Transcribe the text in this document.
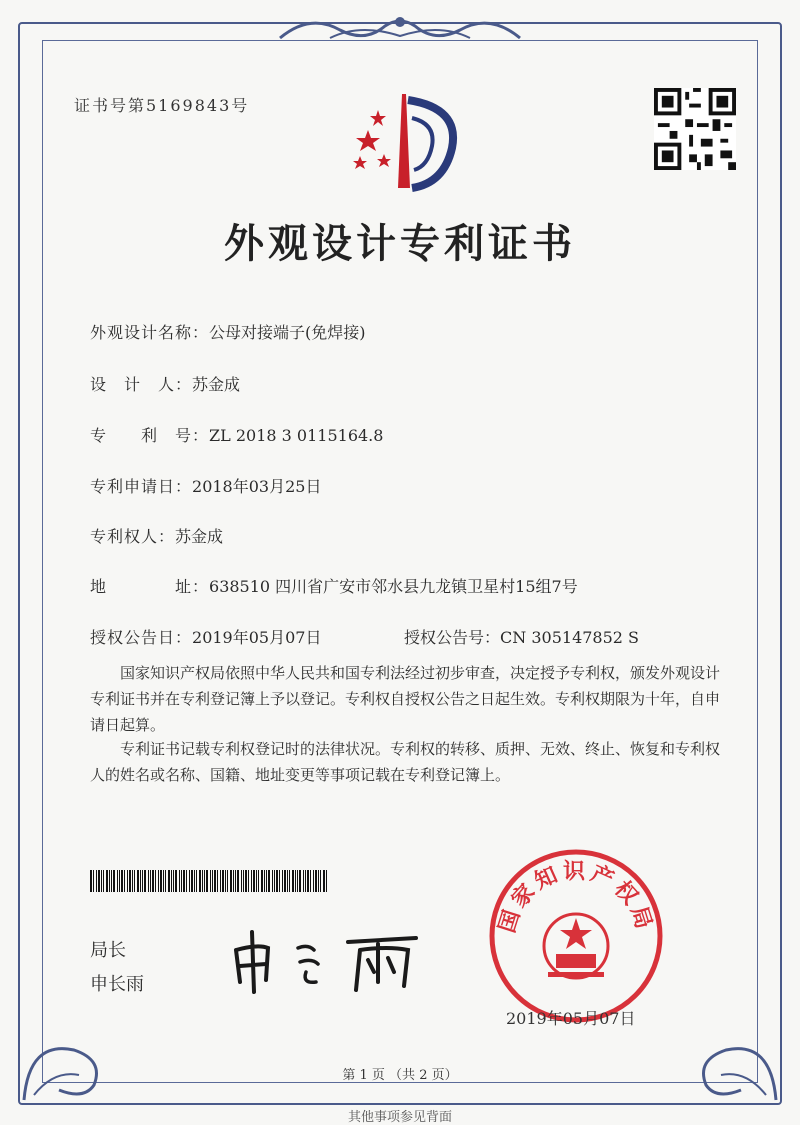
证书号第5169843号
外观设计专利证书
外观设计名称：公母对接端子(免焊接)
设　计　人：苏金成
专　　利　号：ZL 2018 3 0115164.8
专利申请日：2018年03月25日
专利权人：苏金成
地　　　　址：638510 四川省广安市邻水县九龙镇卫星村15组7号
授权公告日：2019年05月07日	授权公告号：CN 305147852 S
国家知识产权局依照中华人民共和国专利法经过初步审查，决定授予专利权，颁发外观设计专利证书并在专利登记簿上予以登记。专利权自授权公告之日起生效。专利权期限为十年，自申请日起算。
专利证书记载专利权登记时的法律状况。专利权的转移、质押、无效、终止、恢复和专利权人的姓名或名称、国籍、地址变更等事项记载在专利登记簿上。
局长
申长雨
国家知识产权局
2019年05月07日
第 1 页 （共 2 页）
其他事项参见背面
